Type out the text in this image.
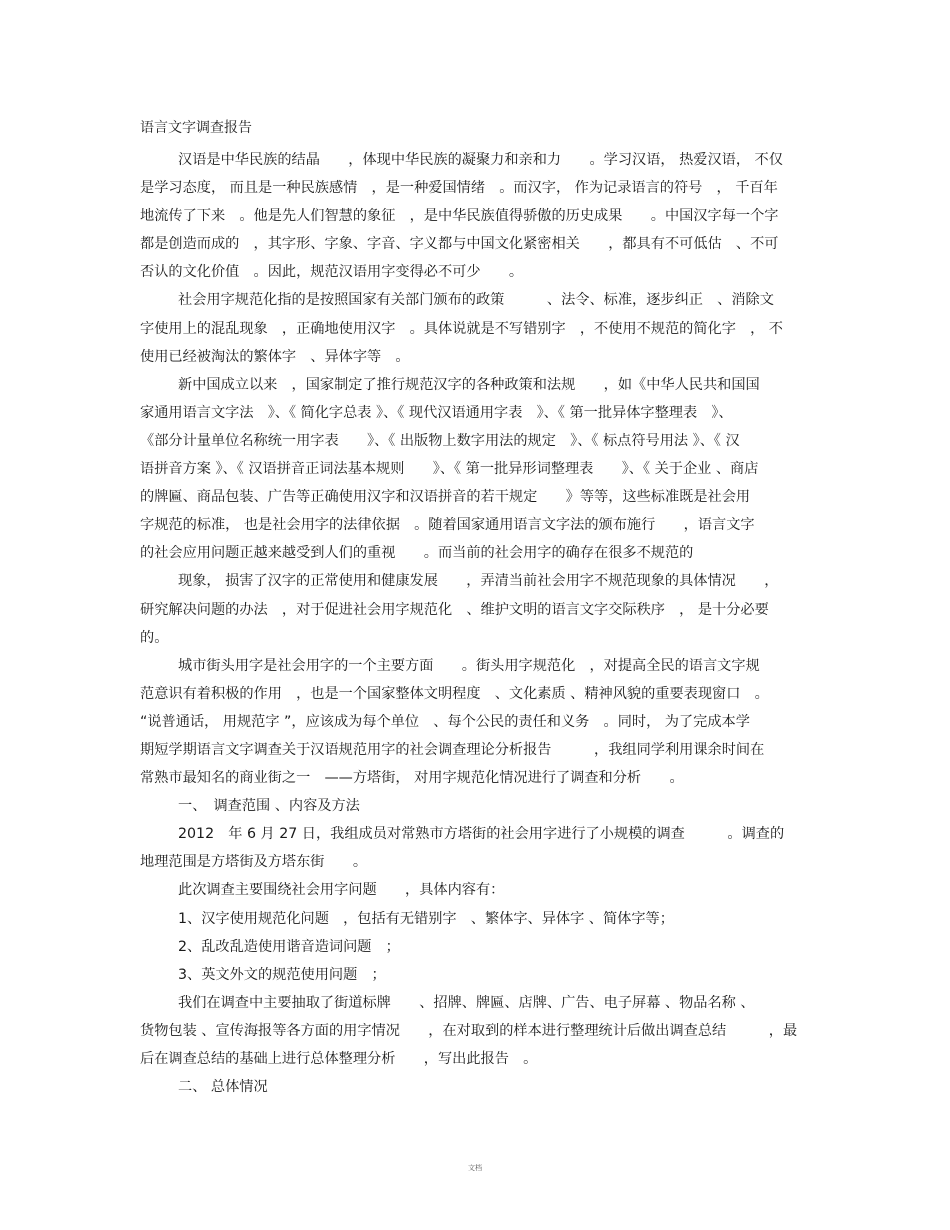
语言文字调查报告
汉语是中华民族的结晶　　，体现中华民族的凝聚力和亲和力　　。学习汉语， 热爱汉语， 不仅
是学习态度， 而且是一种民族感情　，是一种爱国情绪　。而汉字， 作为记录语言的符号　， 千百年
地流传了下来　。他是先人们智慧的象征　，是中华民族值得骄傲的历史成果　　。中国汉字每一个字
都是创造而成的　，其字形、字象、字音、字义都与中国文化紧密相关　　，都具有不可低估　、不可
否认的文化价值　。因此，规范汉语用字变得必不可少　　。
社会用字规范化指的是按照国家有关部门颁布的政策　　　、法令、标准，逐步纠正　、消除文
字使用上的混乱现象　，正确地使用汉字　。具体说就是不写错别字　，不使用不规范的简化字　， 不
使用已经被淘汰的繁体字　、异体字等　。
新中国成立以来　，国家制定了推行规范汉字的各种政策和法规　　，如《中华人民共和国国
家通用语言文字法　》、《 简化字总表 》、《 现代汉语通用字表　》、《 第一批异体字整理表　》、
《部分计量单位名称统一用字表　　》、《 出版物上数字用法的规定　》、《 标点符号用法 》、《 汉
语拼音方案 》、《 汉语拼音正词法基本规则　　》、《 第一批异形词整理表　　》、《 关于企业 、商店
的牌匾、商品包装、广告等正确使用汉字和汉语拼音的若干规定　　》等等，这些标准既是社会用
字规范的标准， 也是社会用字的法律依据　。随着国家通用语言文字法的颁布施行　　，语言文字
的社会应用问题正越来越受到人们的重视　　。而当前的社会用字的确存在很多不规范的
现象， 损害了汉字的正常使用和健康发展　　，弄清当前社会用字不规范现象的具体情况　　，
研究解决问题的办法　，对于促进社会用字规范化　、维护文明的语言文字交际秩序　， 是十分必要
的。
城市街头用字是社会用字的一个主要方面　　。街头用字规范化　，对提高全民的语言文字规
范意识有着积极的作用　，也是一个国家整体文明程度　、文化素质 、精神风貌的重要表现窗口　。
“说普通话， 用规范字 ”，应该成为每个单位　、每个公民的责任和义务　。同时， 为了完成本学
期短学期语言文字调查关于汉语规范用字的社会调查理论分析报告　　　，我组同学利用课余时间在
常熟市最知名的商业街之一　——方塔街， 对用字规范化情况进行了调查和分析　　。
一、　调查范围 、内容及方法
2012　年 6 月 27 日，我组成员对常熟市方塔街的社会用字进行了小规模的调查　　　。调查的
地理范围是方塔街及方塔东街　　。
此次调查主要围绕社会用字问题　　，具体内容有：
1、汉字使用规范化问题　，包括有无错别字　、繁体字、异体字 、简体字等；
2、乱改乱造使用谐音造词问题　；
3、英文外文的规范使用问题　；
我们在调查中主要抽取了街道标牌　　、招牌、牌匾、店牌、广告、电子屏幕 、物品名称 、
货物包装 、宣传海报等各方面的用字情况　　，在对取到的样本进行整理统计后做出调查总结　　　，最
后在调查总结的基础上进行总体整理分析　　，写出此报告　。
二、 总体情况
文档
